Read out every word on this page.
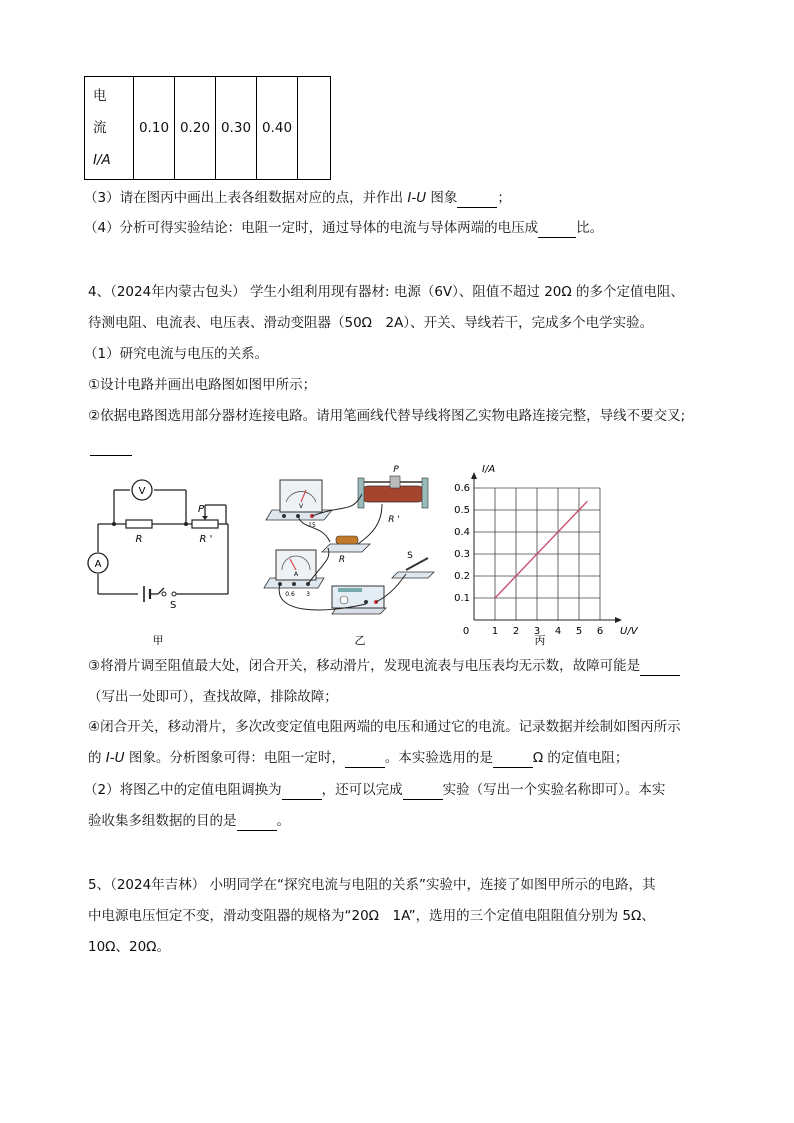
电
流
I/A
	0.10	0.20	0.30	0.40	
（3）请在图丙中画出上表各组数据对应的点，并作出 I-U 图象	；
（4）分析可得实验结论：电阻一定时，通过导体的电流与导体两端的电压成	比。
4、（2024年内蒙古包头） 学生小组利用现有器材: 电源（6V）、阻值不超过 20Ω 的多个定值电阻、
待测电阻、电流表、电压表、滑动变阻器（50Ω　2A）、开关、导线若干，完成多个电学实验。
（1）研究电流与电压的关系。
①设计电路并画出电路图如图甲所示；
②依据电路图选用部分器材连接电路。请用笔画线代替导线将图乙实物电路连接完整，导线不要交叉;
V
A
R	R '
P
S
甲
V
15
P
R '
R
A
0.6 3
S
乙
0 1 2 3 4 5 6
0.1
0.2
0.3
0.4
0.5
0.6
I/A
U/V
丙
③将滑片调至阻值最大处，闭合开关，移动滑片，发现电流表与电压表均无示数，故障可能是
（写出一处即可），查找故障，排除故障；
④闭合开关，移动滑片，多次改变定值电阻两端的电压和通过它的电流。记录数据并绘制如图丙所示
的 I-U 图象。分析图象可得：电阻一定时，	。本实验选用的是	Ω 的定值电阻；
（2）将图乙中的定值电阻调换为	，还可以完成	实验（写出一个实验名称即可）。本实
验收集多组数据的目的是	。
5、（2024年吉林） 小明同学在“探究电流与电阻的关系”实验中，连接了如图甲所示的电路，其
中电源电压恒定不变，滑动变阻器的规格为“20Ω　1A”，选用的三个定值电阻阻值分别为 5Ω、
10Ω、20Ω。
